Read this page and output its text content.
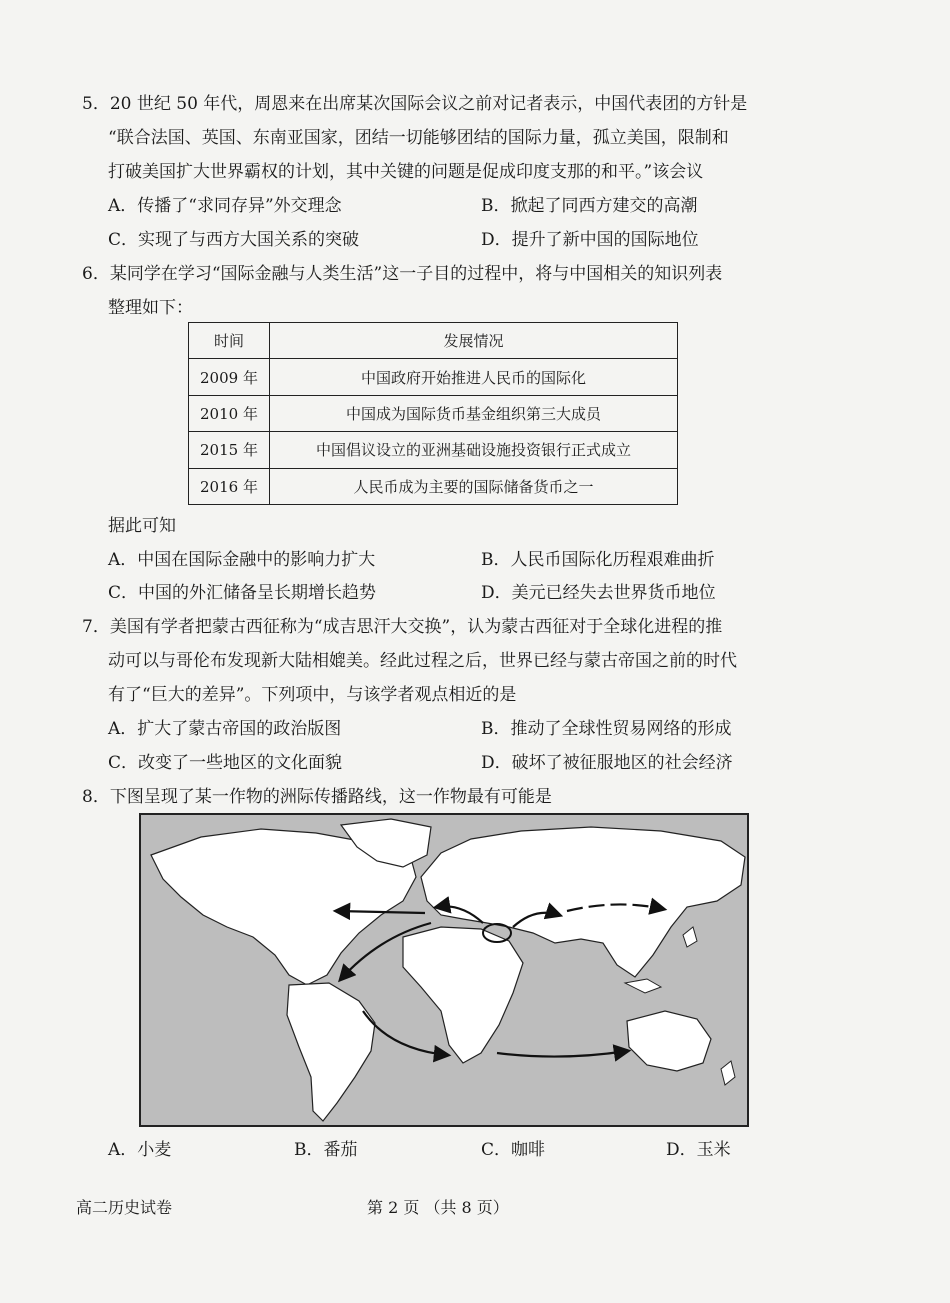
5．20 世纪 50 年代，周恩来在出席某次国际会议之前对记者表示，中国代表团的方针是
“联合法国、英国、东南亚国家，团结一切能够团结的国际力量，孤立美国，限制和
打破美国扩大世界霸权的计划，其中关键的问题是促成印度支那的和平。”该会议
A．传播了“求同存异”外交理念	B．掀起了同西方建交的高潮
C．实现了与西方大国关系的突破	D．提升了新中国的国际地位
6．某同学在学习“国际金融与人类生活”这一子目的过程中，将与中国相关的知识列表
整理如下：
时间	发展情况
2009 年	中国政府开始推进人民币的国际化
2010 年	中国成为国际货币基金组织第三大成员
2015 年	中国倡议设立的亚洲基础设施投资银行正式成立
2016 年	人民币成为主要的国际储备货币之一
据此可知
A．中国在国际金融中的影响力扩大	B．人民币国际化历程艰难曲折
C．中国的外汇储备呈长期增长趋势	D．美元已经失去世界货币地位
7．美国有学者把蒙古西征称为“成吉思汗大交换”，认为蒙古西征对于全球化进程的推
动可以与哥伦布发现新大陆相媲美。经此过程之后，世界已经与蒙古帝国之前的时代
有了“巨大的差异”。下列项中，与该学者观点相近的是
A．扩大了蒙古帝国的政治版图	B．推动了全球性贸易网络的形成
C．改变了一些地区的文化面貌	D．破坏了被征服地区的社会经济
8．下图呈现了某一作物的洲际传播路线，这一作物最有可能是
A．小麦	B．番茄	C．咖啡	D．玉米
高二历史试卷	第 2 页 （共 8 页）
